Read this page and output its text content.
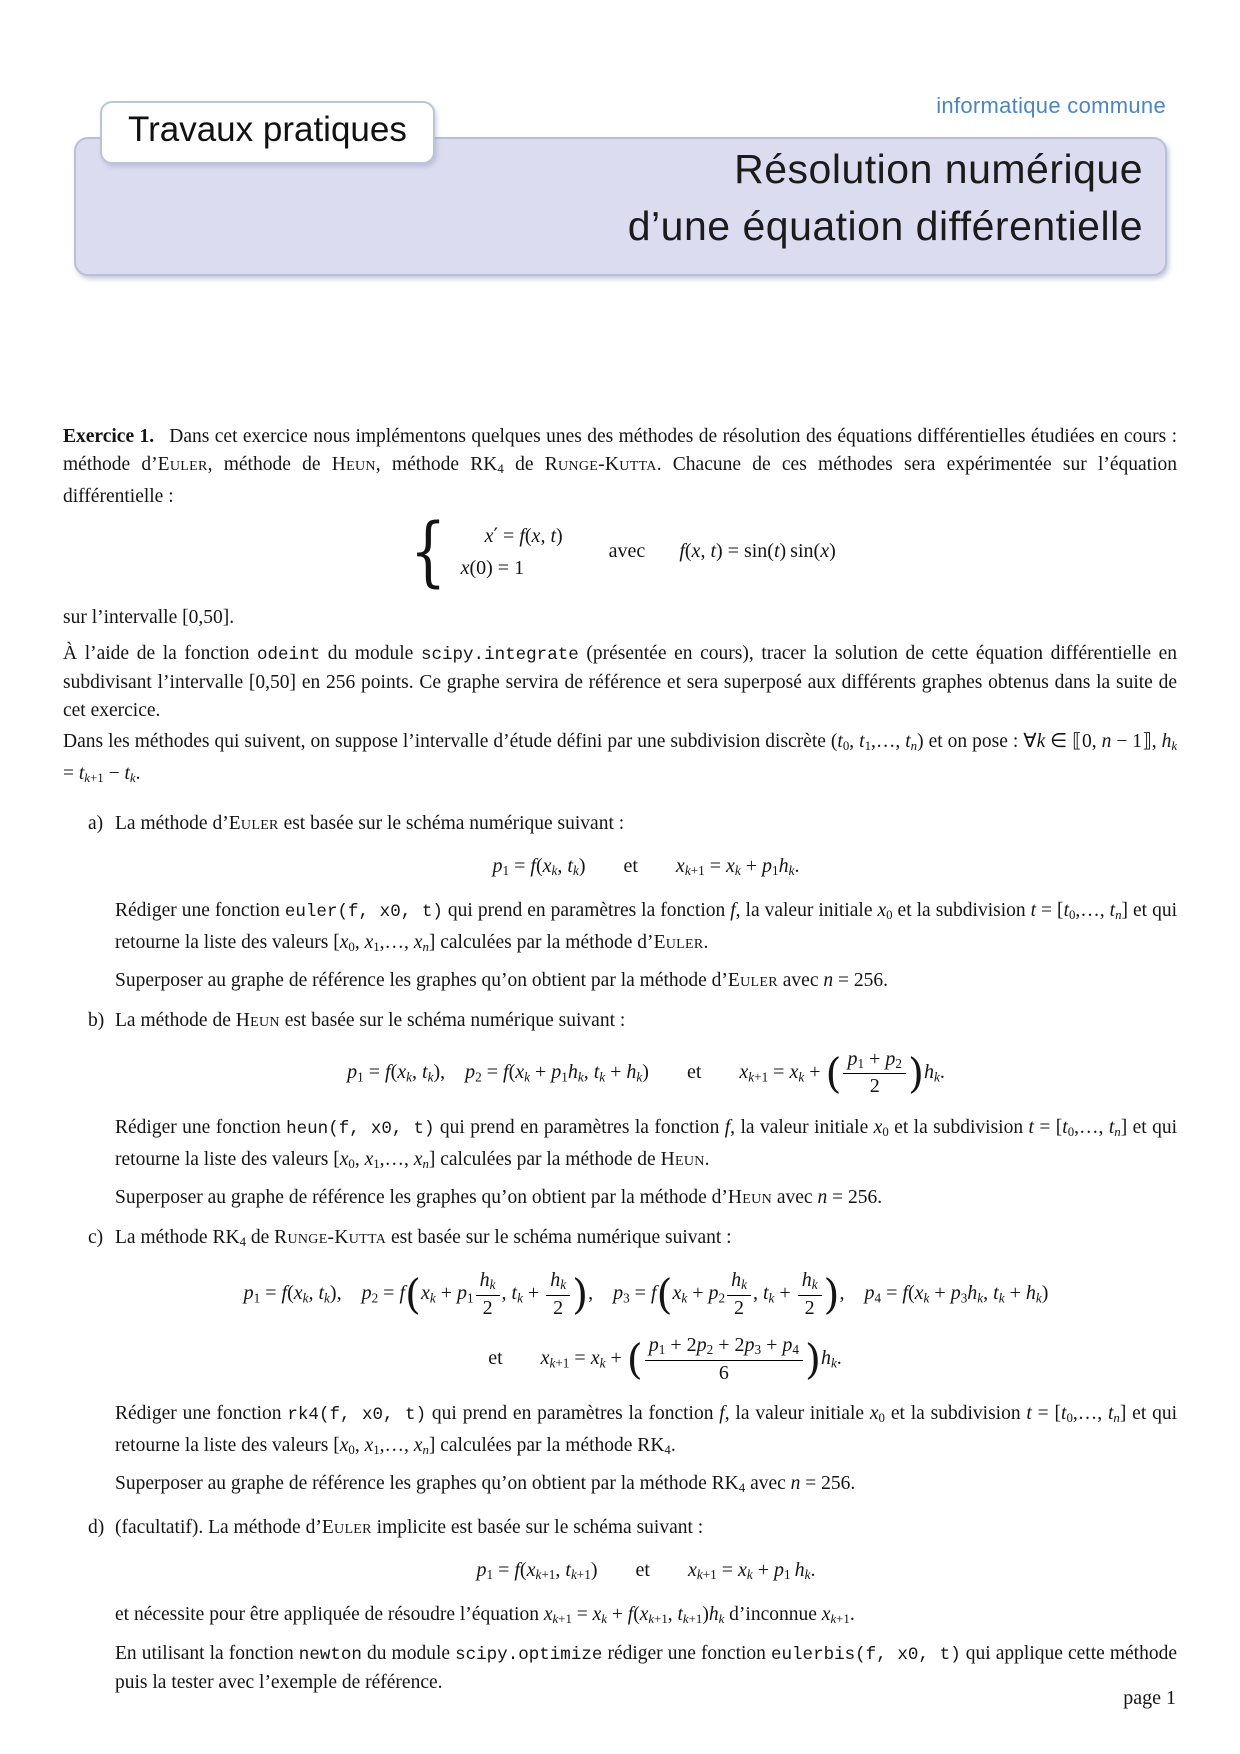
informatique commune
Résolution numérique
d’une équation différentielle
Travaux pratiques

Exercice 1.  Dans cet exercice nous implémentons quelques unes des méthodes de résolution des équations différentielles étudiées en cours : méthode d’Euler, méthode de Heun, méthode $RK_4$ de Runge-Kutta. Chacune de ces méthodes sera expérimentée sur l’équation différentielle :

{ x′ = f(x, t)
x(0) = 1
avec f(x, t) = sin(t) sin(x)

sur l’intervalle [0,50].

À l’aide de la fonction odeint du module scipy.integrate (présentée en cours), tracer la solution de cette équation différentielle en subdivisant l’intervalle [0,50] en 256 points. Ce graphe servira de référence et sera superposé aux différents graphes obtenus dans la suite de cet exercice.

Dans les méthodes qui suivent, on suppose l’intervalle d’étude défini par une subdivision discrète ($t_0$, $t_1,\dots$, $t_n$) et on pose : ∀k ∈ ⟦0, n − 1⟧, $h_k = t_{k+1} - t_k$.

a) La méthode d’Euler est basée sur le schéma numérique suivant :

$p_1 = f(x_k$, $t_k$) et $x_{k+1} = x_k + p_1h_k$.

Rédiger une fonction euler(f, x0, t) qui prend en paramètres la fonction f, la valeur initiale $x_0$ et la subdivision $t = [t_0,\dots$, $t_n$] et qui retourne la liste des valeurs [$x_0$, $x_1,\dots$, $x_n$] calculées par la méthode d’Euler.

Superposer au graphe de référence les graphes qu’on obtient par la méthode d’Euler avec n = 256.

b) La méthode de Heun est basée sur le schéma numérique suivant :

$p_1 = f(x_k$, $t_k$),   $p_2 = f(x_k + p_1h_k$, $t_k + h_k$) et $x_{k+1} = x_k$ + ( $\frac{p_1 + p_2}{2} )h_k$.

Rédiger une fonction heun(f, x0, t) qui prend en paramètres la fonction f, la valeur initiale $x_0$ et la subdivision $t = [t_0,\dots$, $t_n$] et qui retourne la liste des valeurs [$x_0$, $x_1,\dots$, $x_n$] calculées par la méthode de Heun.

Superposer au graphe de référence les graphes qu’on obtient par la méthode d’Heun avec n = 256.

c) La méthode $RK_4$ de Runge-Kutta est basée sur le schéma numérique suivant :

$p_1 = f(x_k$, $t_k$),   $p_2 = f(x_k + p_1 \frac{h_k}{2}$ , $t_k + \frac{h_k}{2}$ ),   $p_3 = f(x_k + p_2 \frac{h_k}{2}$ , $t_k + \frac{h_k}{2}$ ),   $p_4 = f(x_k + p_3h_k$, $t_k + h_k$)
et $x_{k+1} = x_k$ + ( $\frac{p_1 + 2p_2 + 2p_3 + p_4}{6} )h_k$.

Rédiger une fonction rk4(f, x0, t) qui prend en paramètres la fonction f, la valeur initiale $x_0$ et la subdivision $t = [t_0,\dots$, $t_n$] et qui retourne la liste des valeurs [$x_0$, $x_1,\dots$, $x_n$] calculées par la méthode $RK_4$.

Superposer au graphe de référence les graphes qu’on obtient par la méthode $RK_4$ avec n = 256.

d) (facultatif). La méthode d’Euler implicite est basée sur le schéma suivant :

$p_1 = f(x_{k+1}$, $t_{k+1}$) et $x_{k+1} = x_k + p_1$  $h_k$.

et nécessite pour être appliquée de résoudre l’équation $x_{k+1} = x_k + f(x_{k+1}$, $t_{k+1})h_k$ d’inconnue $x_{k+1}$.

En utilisant la fonction newton du module scipy.optimize rédiger une fonction eulerbis(f, x0, t) qui applique cette méthode puis la tester avec l’exemple de référence.

page 1
